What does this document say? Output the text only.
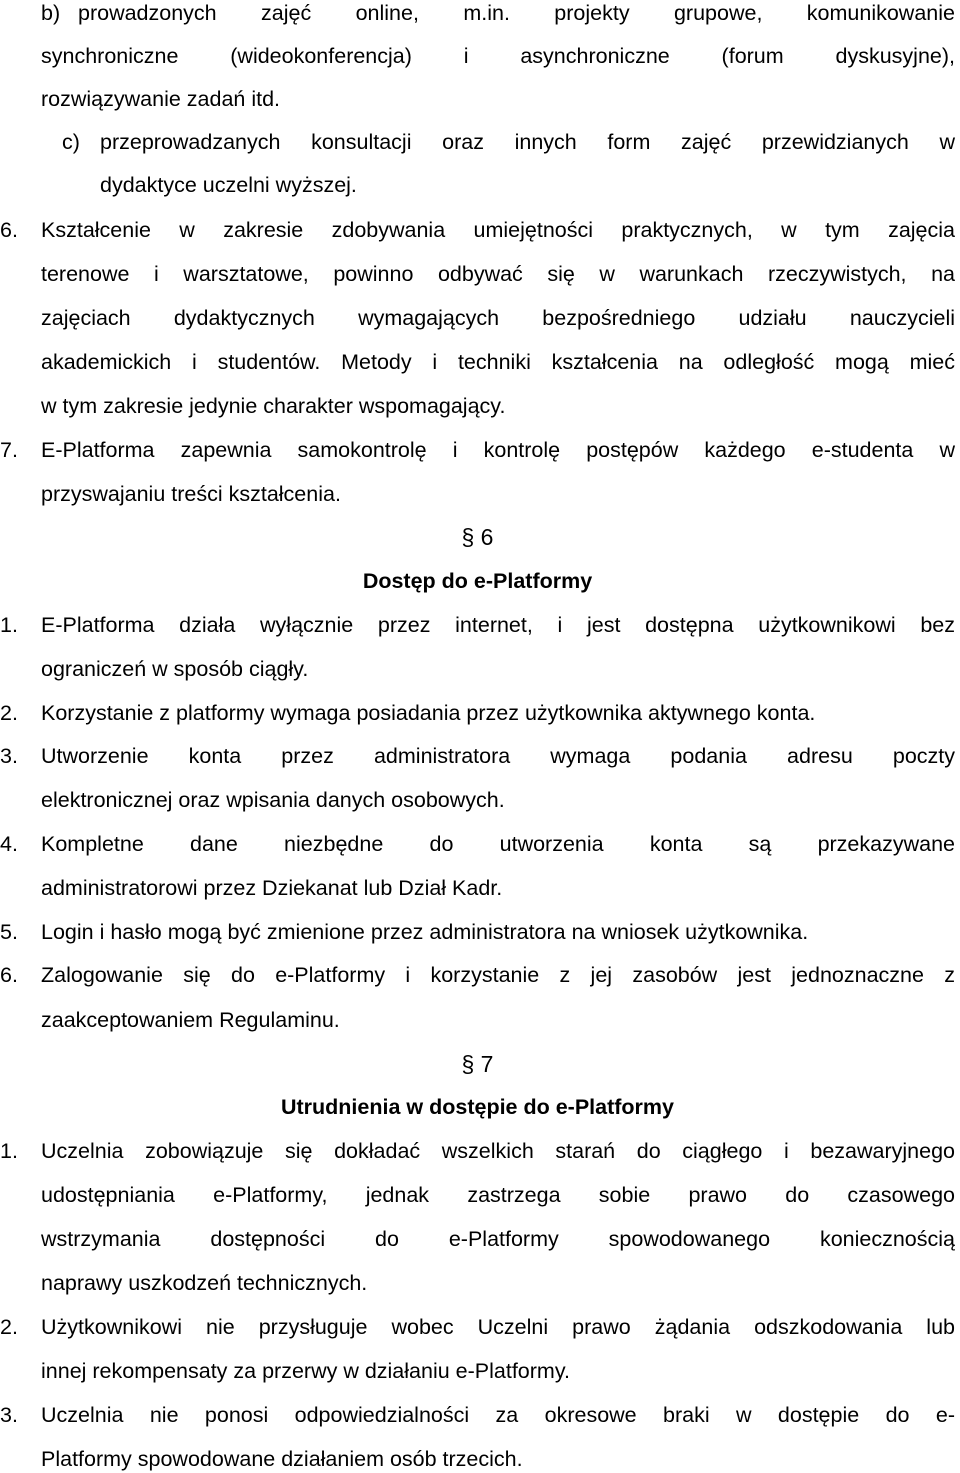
b) prowadzonych zajęć online, m.in. projekty grupowe, komunikowanie
synchroniczne (wideokonferencja) i asynchroniczne (forum dyskusyjne),
rozwiązywanie zadań itd.
c) przeprowadzanych konsultacji oraz innych form zajęć przewidzianych w
dydaktyce uczelni wyższej.
6. Kształcenie w zakresie zdobywania umiejętności praktycznych, w tym zajęcia
terenowe i warsztatowe, powinno odbywać się w warunkach rzeczywistych, na
zajęciach dydaktycznych wymagających bezpośredniego udziału nauczycieli
akademickich i studentów. Metody i techniki kształcenia na odległość mogą mieć
w tym zakresie jedynie charakter wspomagający.
7. E-Platforma zapewnia samokontrolę i kontrolę postępów każdego e-studenta w
przyswajaniu treści kształcenia.
§ 6
Dostęp do e-Platformy
1. E-Platforma działa wyłącznie przez internet, i jest dostępna użytkownikowi bez
ograniczeń w sposób ciągły.
2. Korzystanie z platformy wymaga posiadania przez użytkownika aktywnego konta.
3. Utworzenie konta przez administratora wymaga podania adresu poczty
elektronicznej oraz wpisania danych osobowych.
4. Kompletne dane niezbędne do utworzenia konta są przekazywane
administratorowi przez Dziekanat lub Dział Kadr.
5. Login i hasło mogą być zmienione przez administratora na wniosek użytkownika.
6. Zalogowanie się do e-Platformy i korzystanie z jej zasobów jest jednoznaczne z
zaakceptowaniem Regulaminu.
§ 7
Utrudnienia w dostępie do e-Platformy
1. Uczelnia zobowiązuje się dokładać wszelkich starań do ciągłego i bezawaryjnego
udostępniania e-Platformy, jednak zastrzega sobie prawo do czasowego
wstrzymania dostępności do e-Platformy spowodowanego koniecznością
naprawy uszkodzeń technicznych.
2. Użytkownikowi nie przysługuje wobec Uczelni prawo żądania odszkodowania lub
innej rekompensaty za przerwy w działaniu e-Platformy.
3. Uczelnia nie ponosi odpowiedzialności za okresowe braki w dostępie do e-
Platformy spowodowane działaniem osób trzecich.
